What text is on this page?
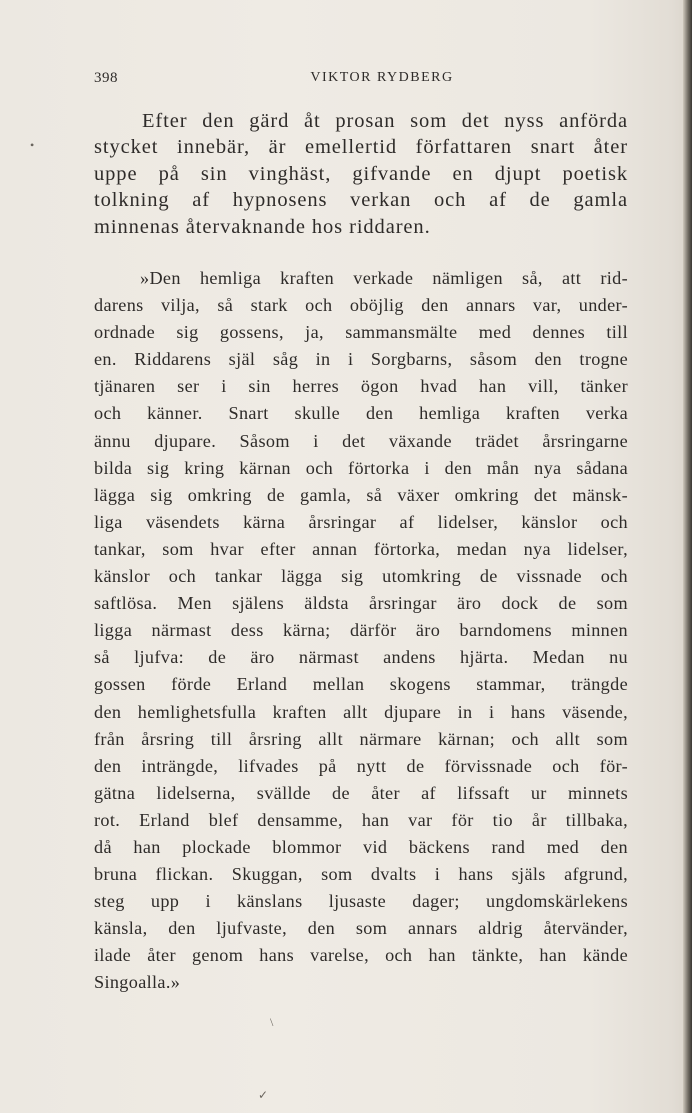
398	VIKTOR RYDBERG
Efter den gärd åt prosan som det nyss anförda
stycket innebär, är emellertid författaren snart åter
uppe på sin vinghäst, gifvande en djupt poetisk
tolkning af hypnosens verkan och af de gamla
minnenas återvaknande hos riddaren.
»Den hemliga kraften verkade nämligen så, att rid-
darens vilja, så stark och oböjlig den annars var, under-
ordnade sig gossens, ja, sammansmälte med dennes till
en. Riddarens själ såg in i Sorgbarns, såsom den trogne
tjänaren ser i sin herres ögon hvad han vill, tänker
och känner. Snart skulle den hemliga kraften verka
ännu djupare. Såsom i det växande trädet årsringarne
bilda sig kring kärnan och förtorka i den mån nya sådana
lägga sig omkring de gamla, så växer omkring det mänsk-
liga väsendets kärna årsringar af lidelser, känslor och
tankar, som hvar efter annan förtorka, medan nya lidelser,
känslor och tankar lägga sig utomkring de vissnade och
saftlösa. Men själens äldsta årsringar äro dock de som
ligga närmast dess kärna; därför äro barndomens minnen
så ljufva: de äro närmast andens hjärta. Medan nu
gossen förde Erland mellan skogens stammar, trängde
den hemlighetsfulla kraften allt djupare in i hans väsende,
från årsring till årsring allt närmare kärnan; och allt som
den inträngde, lifvades på nytt de förvissnade och för-
gätna lidelserna, svällde de åter af lifssaft ur minnets
rot. Erland blef densamme, han var för tio år tillbaka,
då han plockade blommor vid bäckens rand med den
bruna flickan. Skuggan, som dvalts i hans själs afgrund,
steg upp i känslans ljusaste dager; ungdomskärlekens
känsla, den ljufvaste, den som annars aldrig återvänder,
ilade åter genom hans varelse, och han tänkte, han kände
Singoalla.»
•
\
✓
